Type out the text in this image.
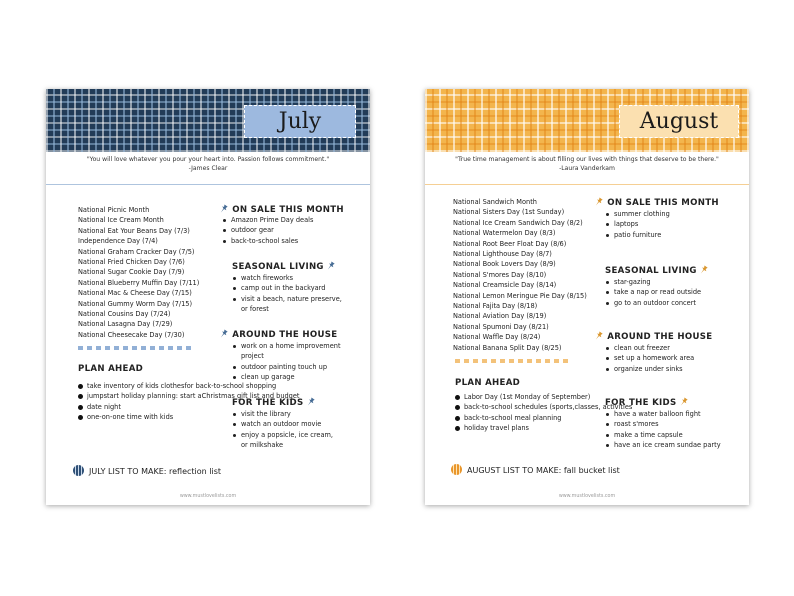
July
"You will love whatever you pour your heart into. Passion follows commitment."
-James Clear
National Picnic Month
National Ice Cream Month
National Eat Your Beans Day (7/3)
Independence Day (7/4)
National Graham Cracker Day (7/5)
National Fried Chicken Day (7/6)
National Sugar Cookie Day (7/9)
National Blueberry Muffin Day (7/11)
National Mac & Cheese Day (7/15)
National Gummy Worm Day (7/15)
National Cousins Day (7/24)
National Lasagna Day (7/29)
National Cheesecake Day (7/30)
PLAN AHEAD
take inventory of kids clothesfor back-to-school shopping
jumpstart holiday planning: start aChristmas gift list and budget
date night
one-on-one time with kids
ON SALE THIS MONTH
Amazon Prime Day deals
outdoor gear
back-to-school sales
SEASONAL LIVING
watch fireworks
camp out in the backyard
visit a beach, nature preserve,
or forest
AROUND THE HOUSE
work on a home improvement
project
outdoor painting touch up
clean up garage
FOR THE KIDS
visit the library
watch an outdoor movie
enjoy a popsicle, ice cream,
or milkshake
JULY LIST TO MAKE: reflection list
www.mustlovelists.com
August
"True time management is about filling our lives with things that deserve to be there."
-Laura Vanderkam
National Sandwich Month
National Sisters Day (1st Sunday)
National Ice Cream Sandwich Day (8/2)
National Watermelon Day (8/3)
National Root Beer Float Day (8/6)
National Lighthouse Day (8/7)
National Book Lovers Day (8/9)
National S'mores Day (8/10)
National Creamsicle Day (8/14)
National Lemon Meringue Pie Day (8/15)
National Fajita Day (8/18)
National Aviation Day (8/19)
National Spumoni Day (8/21)
National Waffle Day (8/24)
National Banana Split Day (8/25)
PLAN AHEAD
Labor Day (1st Monday of September)
back-to-school schedules (sports,classes, activities
back-to-school meal planning
holiday travel plans
ON SALE THIS MONTH
summer clothing
laptops
patio furniture
SEASONAL LIVING
star-gazing
take a nap or read outside
go to an outdoor concert
AROUND THE HOUSE
clean out freezer
set up a homework area
organize under sinks
FOR THE KIDS
have a water balloon fight
roast s'mores
make a time capsule
have an ice cream sundae party
AUGUST LIST TO MAKE: fall bucket list
www.mustlovelists.com
